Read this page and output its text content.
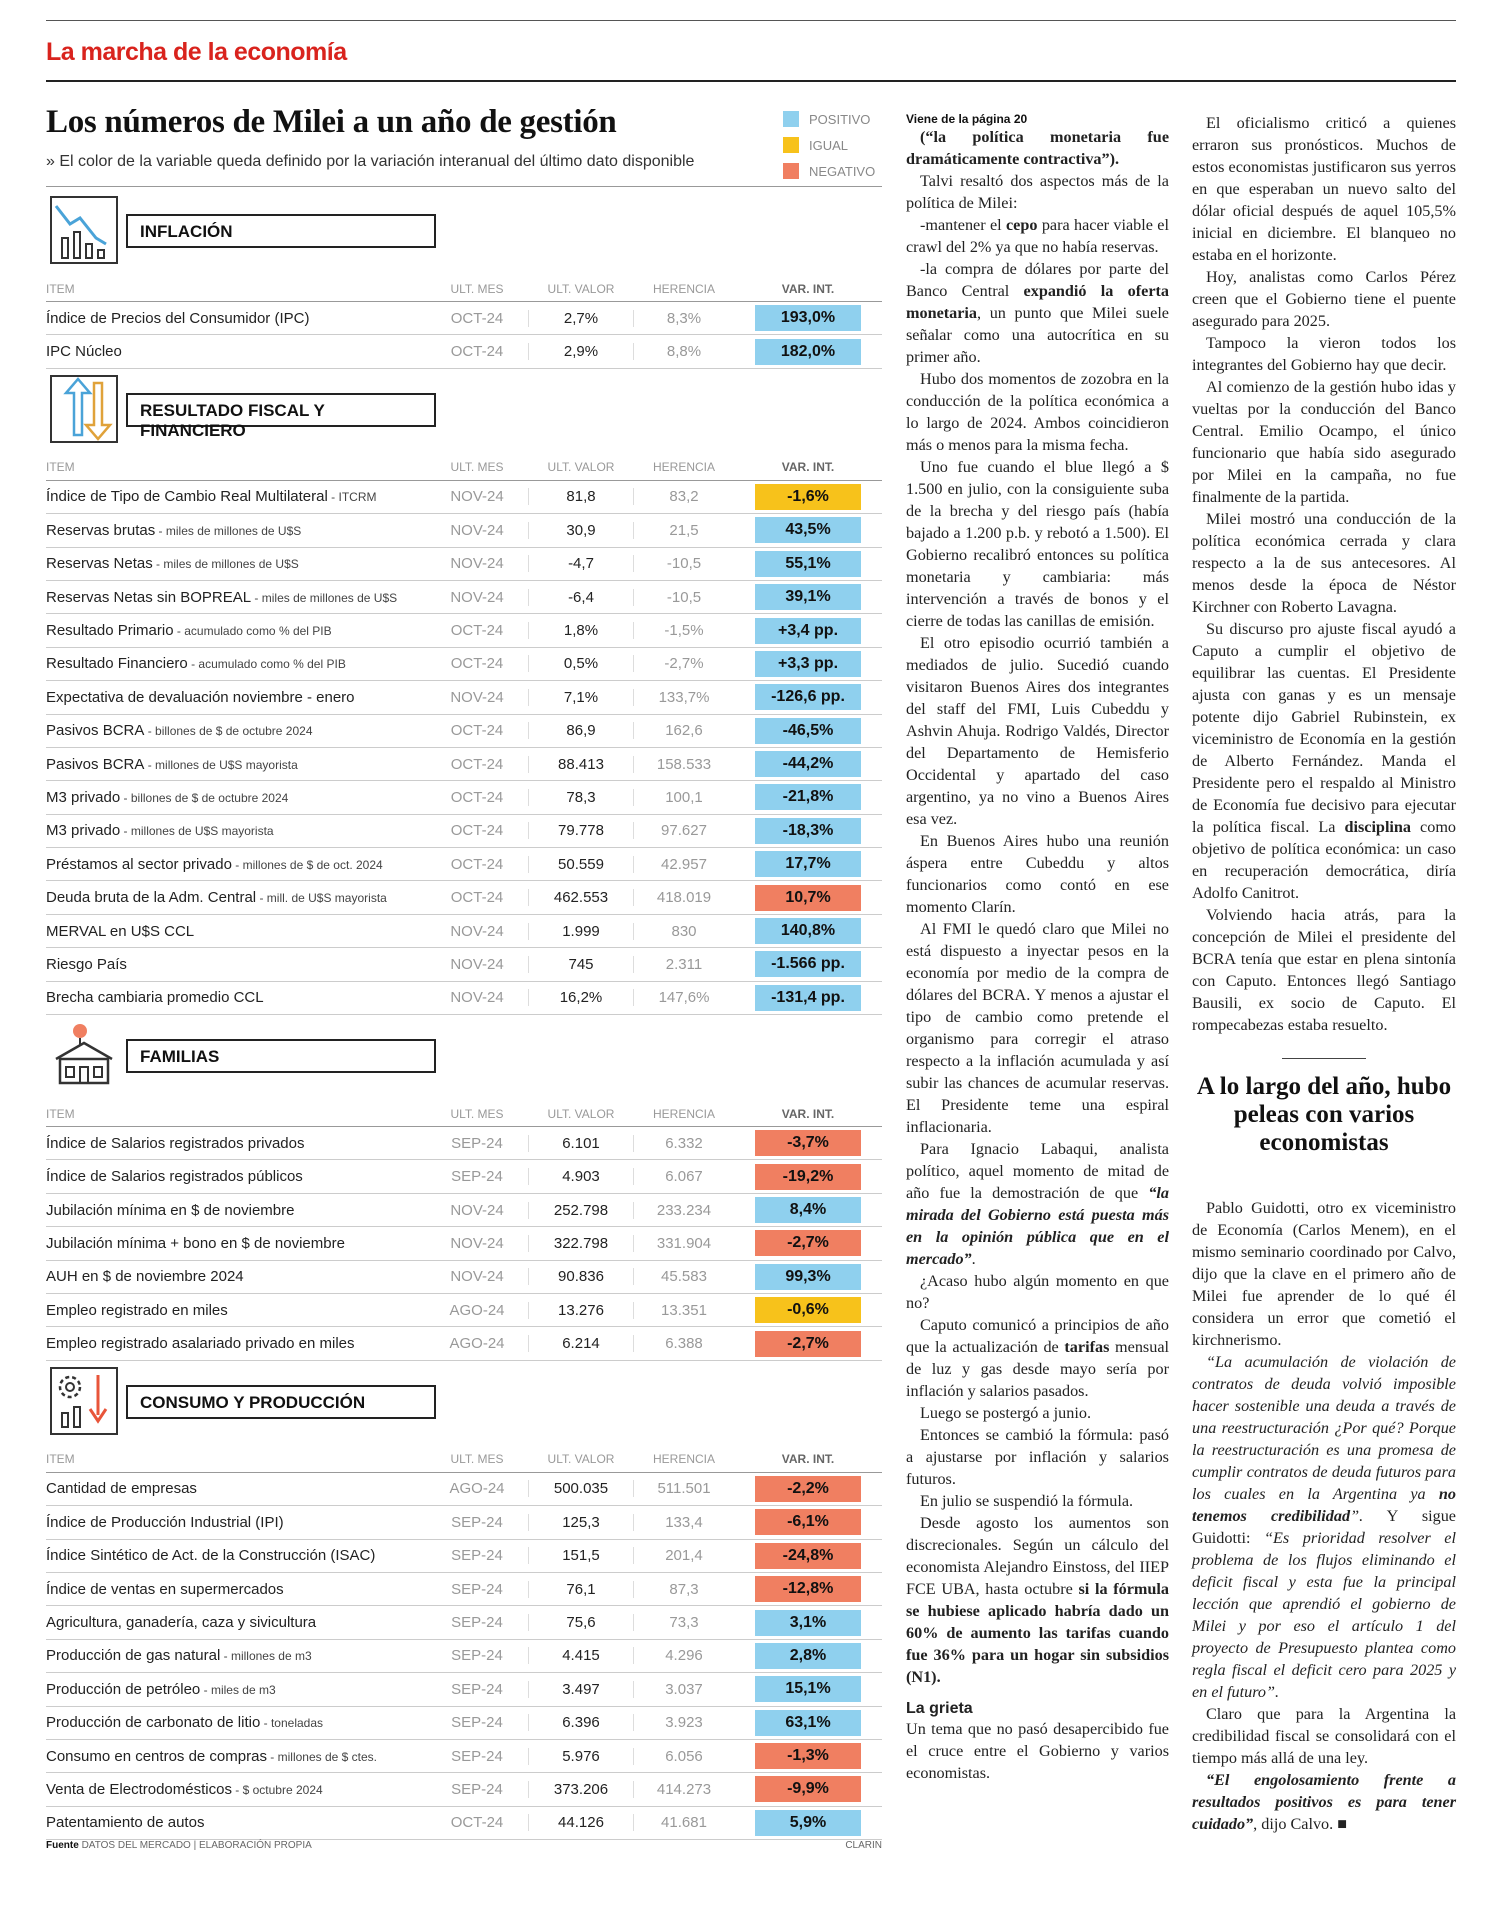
La marcha de la economía
Los números de Milei a un año de gestión
» El color de la variable queda definido por la variación interanual del último dato disponible
POSITIVO
IGUAL
NEGATIVO
INFLACIÓN
ITEM	ULT. MES	ULT. VALOR	HERENCIA	VAR. INT.
Índice de Precios del Consumidor (IPC)	OCT-24	2,7%	8,3%	193,0%
IPC Núcleo	OCT-24	2,9%	8,8%	182,0%
RESULTADO FISCAL Y FINANCIERO
ITEM	ULT. MES	ULT. VALOR	HERENCIA	VAR. INT.
Índice de Tipo de Cambio Real Multilateral - ITCRM	NOV-24	81,8	83,2	-1,6%
Reservas brutas - miles de millones de U$S	NOV-24	30,9	21,5	43,5%
Reservas Netas - miles de millones de U$S	NOV-24	-4,7	-10,5	55,1%
Reservas Netas sin BOPREAL - miles de millones de U$S	NOV-24	-6,4	-10,5	39,1%
Resultado Primario - acumulado como % del PIB	OCT-24	1,8%	-1,5%	+3,4 pp.
Resultado Financiero - acumulado como % del PIB	OCT-24	0,5%	-2,7%	+3,3 pp.
Expectativa de devaluación noviembre - enero	NOV-24	7,1%	133,7%	-126,6 pp.
Pasivos BCRA - billones de $ de octubre 2024	OCT-24	86,9	162,6	-46,5%
Pasivos BCRA - millones de U$S mayorista	OCT-24	88.413	158.533	-44,2%
M3 privado - billones de $ de octubre 2024	OCT-24	78,3	100,1	-21,8%
M3 privado - millones de U$S mayorista	OCT-24	79.778	97.627	-18,3%
Préstamos al sector privado - millones de $ de oct. 2024	OCT-24	50.559	42.957	17,7%
Deuda bruta de la Adm. Central - mill. de U$S mayorista	OCT-24	462.553	418.019	10,7%
MERVAL en U$S CCL	NOV-24	1.999	830	140,8%
Riesgo País	NOV-24	745	2.311	-1.566 pp.
Brecha cambiaria promedio CCL	NOV-24	16,2%	147,6%	-131,4 pp.
FAMILIAS
ITEM	ULT. MES	ULT. VALOR	HERENCIA	VAR. INT.
Índice de Salarios registrados privados	SEP-24	6.101	6.332	-3,7%
Índice de Salarios registrados públicos	SEP-24	4.903	6.067	-19,2%
Jubilación mínima en $ de noviembre	NOV-24	252.798	233.234	8,4%
Jubilación mínima + bono en $ de noviembre	NOV-24	322.798	331.904	-2,7%
AUH en $ de noviembre 2024	NOV-24	90.836	45.583	99,3%
Empleo registrado en miles	AGO-24	13.276	13.351	-0,6%
Empleo registrado asalariado privado en miles	AGO-24	6.214	6.388	-2,7%
CONSUMO Y PRODUCCIÓN
ITEM	ULT. MES	ULT. VALOR	HERENCIA	VAR. INT.
Cantidad de empresas	AGO-24	500.035	511.501	-2,2%
Índice de Producción Industrial (IPI)	SEP-24	125,3	133,4	-6,1%
Índice Sintético de Act. de la Construcción (ISAC)	SEP-24	151,5	201,4	-24,8%
Índice de ventas en supermercados	SEP-24	76,1	87,3	-12,8%
Agricultura, ganadería, caza y sivicultura	SEP-24	75,6	73,3	3,1%
Producción de gas natural - millones de m3	SEP-24	4.415	4.296	2,8%
Producción de petróleo - miles de m3	SEP-24	3.497	3.037	15,1%
Producción de carbonato de litio - toneladas	SEP-24	6.396	3.923	63,1%
Consumo en centros de compras - millones de $ ctes.	SEP-24	5.976	6.056	-1,3%
Venta de Electrodomésticos - $ octubre 2024	SEP-24	373.206	414.273	-9,9%
Patentamiento de autos	OCT-24	44.126	41.681	5,9%
Fuente DATOS DEL MERCADO | ELABORACIÓN PROPIA	CLARIN

Viene de la página 20

(“la política monetaria fue dramáticamente contractiva”).

Talvi resaltó dos aspectos más de la política de Milei:

-mantener el cepo para hacer viable el crawl del 2% ya que no había reservas.

-la compra de dólares por parte del Banco Central expandió la oferta monetaria, un punto que Milei suele señalar como una autocrítica en su primer año.

Hubo dos momentos de zozobra en la conducción de la política económica a lo largo de 2024. Ambos coincidieron más o menos para la misma fecha.

Uno fue cuando el blue llegó a $ 1.500 en julio, con la consiguiente suba de la brecha y del riesgo país (había bajado a 1.200 p.b. y rebotó a 1.500). El Gobierno recalibró entonces su política monetaria y cambiaria: más intervención a través de bonos y el cierre de todas las canillas de emisión.

El otro episodio ocurrió también a mediados de julio. Sucedió cuando visitaron Buenos Aires dos integrantes del staff del FMI, Luis Cubeddu y Ashvin Ahuja. Rodrigo Valdés, Director del Departamento de Hemisferio Occidental y apartado del caso argentino, ya no vino a Buenos Aires esa vez.

En Buenos Aires hubo una reunión áspera entre Cubeddu y altos funcionarios como contó en ese momento Clarín.

Al FMI le quedó claro que Milei no está dispuesto a inyectar pesos en la economía por medio de la compra de dólares del BCRA. Y menos a ajustar el tipo de cambio como pretende el organismo para corregir el atraso respecto a la inflación acumulada y así subir las chances de acumular reservas. El Presidente teme una espiral inflacionaria.

Para Ignacio Labaqui, analista político, aquel momento de mitad de año fue la demostración de que “la mirada del Gobierno está puesta más en la opinión pública que en el mercado”.

¿Acaso hubo algún momento en que no?

Caputo comunicó a principios de año que la actualización de tarifas mensual de luz y gas desde mayo sería por inflación y salarios pasados.

Luego se postergó a junio.

Entonces se cambió la fórmula: pasó a ajustarse por inflación y salarios futuros.

En julio se suspendió la fórmula.

Desde agosto los aumentos son discrecionales. Según un cálculo del economista Alejandro Einstoss, del IIEP FCE UBA, hasta octubre si la fórmula se hubiese aplicado habría dado un 60% de aumento las tarifas cuando fue 36% para un hogar sin subsidios (N1).

La grieta

Un tema que no pasó desapercibido fue el cruce entre el Gobierno y varios economistas.

El oficialismo criticó a quienes erraron sus pronósticos. Muchos de estos economistas justificaron sus yerros en que esperaban un nuevo salto del dólar oficial después de aquel 105,5% inicial en diciembre. El blanqueo no estaba en el horizonte.

Hoy, analistas como Carlos Pérez creen que el Gobierno tiene el puente asegurado para 2025.

Tampoco la vieron todos los integrantes del Gobierno hay que decir.

Al comienzo de la gestión hubo idas y vueltas por la conducción del Banco Central. Emilio Ocampo, el único funcionario que había sido asegurado por Milei en la campaña, no fue finalmente de la partida.

Milei mostró una conducción de la política económica cerrada y clara respecto a la de sus antecesores. Al menos desde la época de Néstor Kirchner con Roberto Lavagna.

Su discurso pro ajuste fiscal ayudó a Caputo a cumplir el objetivo de equilibrar las cuentas. El Presidente ajusta con ganas y es un mensaje potente dijo Gabriel Rubinstein, ex viceministro de Economía en la gestión de Alberto Fernández. Manda el Presidente pero el respaldo al Ministro de Economía fue decisivo para ejecutar la política fiscal. La disciplina como objetivo de política económica: un caso en recuperación democrática, diría Adolfo Canitrot.

Volviendo hacia atrás, para la concepción de Milei el presidente del BCRA tenía que estar en plena sintonía con Caputo. Entonces llegó Santiago Bausili, ex socio de Caputo. El rompecabezas estaba resuelto.

A lo largo del año, hubo peleas con varios economistas

Pablo Guidotti, otro ex viceministro de Economía (Carlos Menem), en el mismo seminario coordinado por Calvo, dijo que la clave en el primero año de Milei fue aprender de lo qué él considera un error que cometió el kirchnerismo.

“La acumulación de violación de contratos de deuda volvió imposible hacer sostenible una deuda a través de una reestructuración ¿Por qué? Porque la reestructuración es una promesa de cumplir contratos de deuda futuros para los cuales en la Argentina ya no tenemos credibilidad”. Y sigue Guidotti: “Es prioridad resolver el problema de los flujos eliminando el deficit fiscal y esta fue la principal lección que aprendió el gobierno de Milei y por eso el artículo 1 del proyecto de Presupuesto plantea como regla fiscal el deficit cero para 2025 y en el futuro”.

Claro que para la Argentina la credibilidad fiscal se consolidará con el tiempo más allá de una ley.

“El engolosamiento frente a resultados positivos es para tener cuidado”, dijo Calvo. ■
